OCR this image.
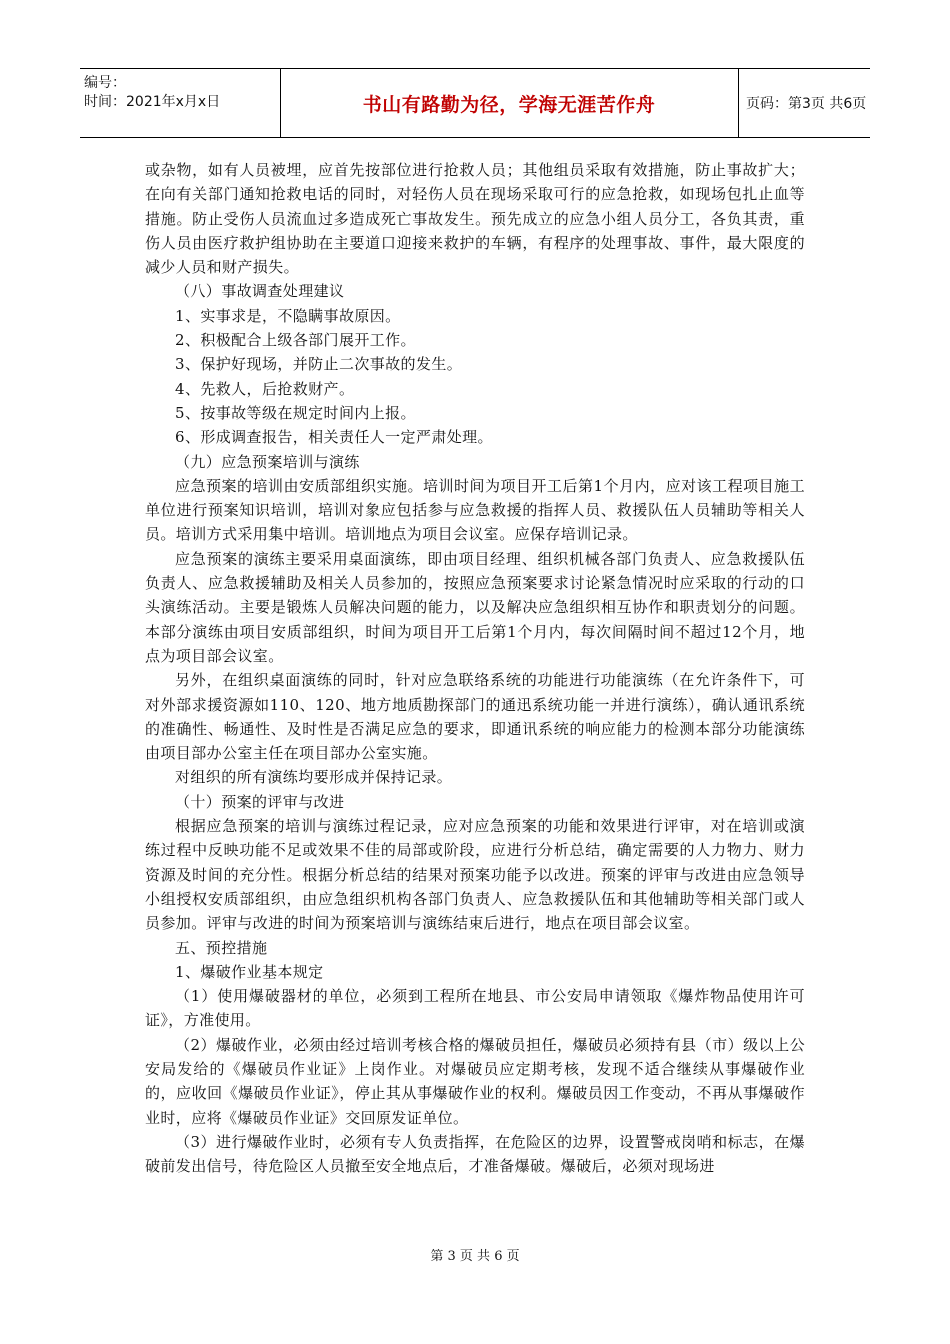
编号：
时间：2021年x月x日	书山有路勤为径，学海无涯苦作舟	页码：第3页 共6页

或杂物，如有人员被埋，应首先按部位进行抢救人员；其他组员采取有效措施，防止事故扩大；在向有关部门通知抢救电话的同时，对轻伤人员在现场采取可行的应急抢救，如现场包扎止血等措施。防止受伤人员流血过多造成死亡事故发生。预先成立的应急小组人员分工，各负其责，重伤人员由医疗救护组协助在主要道口迎接来救护的车辆，有程序的处理事故、事件，最大限度的减少人员和财产损失。

（八）事故调查处理建议

1、实事求是，不隐瞒事故原因。

2、积极配合上级各部门展开工作。

3、保护好现场，并防止二次事故的发生。

4、先救人，后抢救财产。

5、按事故等级在规定时间内上报。

6、形成调查报告，相关责任人一定严肃处理。

（九）应急预案培训与演练

应急预案的培训由安质部组织实施。培训时间为项目开工后第1个月内，应对该工程项目施工单位进行预案知识培训，培训对象应包括参与应急救援的指挥人员、救援队伍人员辅助等相关人员。培训方式采用集中培训。培训地点为项目会议室。应保存培训记录。

应急预案的演练主要采用桌面演练，即由项目经理、组织机械各部门负责人、应急救援队伍负责人、应急救援辅助及相关人员参加的，按照应急预案要求讨论紧急情况时应采取的行动的口头演练活动。主要是锻炼人员解决问题的能力，以及解决应急组织相互协作和职责划分的问题。本部分演练由项目安质部组织，时间为项目开工后第1个月内，每次间隔时间不超过12个月，地点为项目部会议室。

另外，在组织桌面演练的同时，针对应急联络系统的功能进行功能演练（在允许条件下，可对外部求援资源如110、120、地方地质勘探部门的通迅系统功能一并进行演练），确认通讯系统的准确性、畅通性、及时性是否满足应急的要求，即通讯系统的响应能力的检测本部分功能演练由项目部办公室主任在项目部办公室实施。

对组织的所有演练均要形成并保持记录。

（十）预案的评审与改进

根据应急预案的培训与演练过程记录，应对应急预案的功能和效果进行评审，对在培训或演练过程中反映功能不足或效果不佳的局部或阶段，应进行分析总结，确定需要的人力物力、财力资源及时间的充分性。根据分析总结的结果对预案功能予以改进。预案的评审与改进由应急领导小组授权安质部组织，由应急组织机构各部门负责人、应急救援队伍和其他辅助等相关部门或人员参加。评审与改进的时间为预案培训与演练结束后进行，地点在项目部会议室。

五、预控措施

1、爆破作业基本规定

（1）使用爆破器材的单位，必须到工程所在地县、市公安局申请领取《爆炸物品使用许可证》，方准使用。

（2）爆破作业，必须由经过培训考核合格的爆破员担任，爆破员必须持有县（市）级以上公安局发给的《爆破员作业证》上岗作业。对爆破员应定期考核，发现不适合继续从事爆破作业的，应收回《爆破员作业证》，停止其从事爆破作业的权利。爆破员因工作变动，不再从事爆破作业时，应将《爆破员作业证》交回原发证单位。

（3）进行爆破作业时，必须有专人负责指挥，在危险区的边界，设置警戒岗哨和标志，在爆破前发出信号，待危险区人员撤至安全地点后，才准备爆破。爆破后，必须对现场进

第 3 页 共 6 页
